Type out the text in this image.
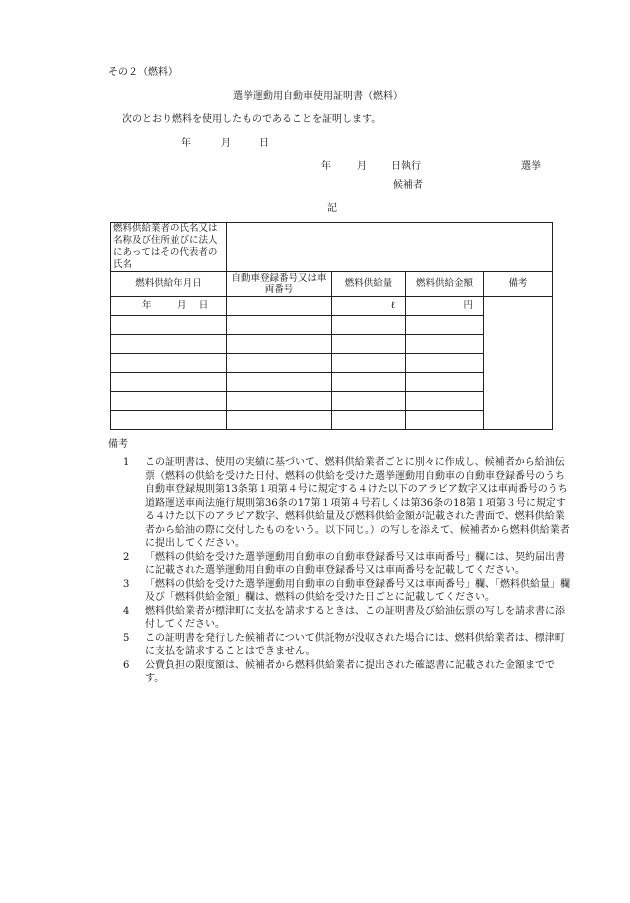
その２（燃料）
選挙運動用自動車使用証明書（燃料）
次のとおり燃料を使用したものであることを証明します。
年	月	日
年	月 日執行	選挙
候補者
記
燃料供給業者の氏名又は名称及び住所並びに法人にあってはその代表者の氏名				
燃料供給年月日	自動車登録番号又は車両番号	燃料供給量	燃料供給金額	備考
年 月 日		ℓ	円	

備考
1	この証明書は、使用の実績に基づいて、燃料供給業者ごとに別々に作成し、候補者から給油伝票（燃料の供給を受けた日付、燃料の供給を受けた選挙運動用自動車の自動車登録番号のうち自動車登録規則第13条第１項第４号に規定する４けた以下のアラビア数字又は車両番号のうち道路運送車両法施行規則第36条の17第１項第４号若しくは第36条の18第１項第３号に規定する４けた以下のアラビア数字、燃料供給量及び燃料供給金額が記載された書面で、燃料供給業者から給油の際に交付したものをいう。以下同じ。）の写しを添えて、候補者から燃料供給業者に提出してください。
2	「燃料の供給を受けた選挙運動用自動車の自動車登録番号又は車両番号」欄には、契約届出書に記載された選挙運動用自動車の自動車登録番号又は車両番号を記載してください。
3	「燃料の供給を受けた選挙運動用自動車の自動車登録番号又は車両番号」欄、「燃料供給量」欄及び「燃料供給金額」欄は、燃料の供給を受けた日ごとに記載してください。
4	燃料供給業者が標津町に支払を請求するときは、この証明書及び給油伝票の写しを請求書に添付してください。
5	この証明書を発行した候補者について供託物が没収された場合には、燃料供給業者は、標津町に支払を請求することはできません。
6	公費負担の限度額は、候補者から燃料供給業者に提出された確認書に記載された金額までです。
